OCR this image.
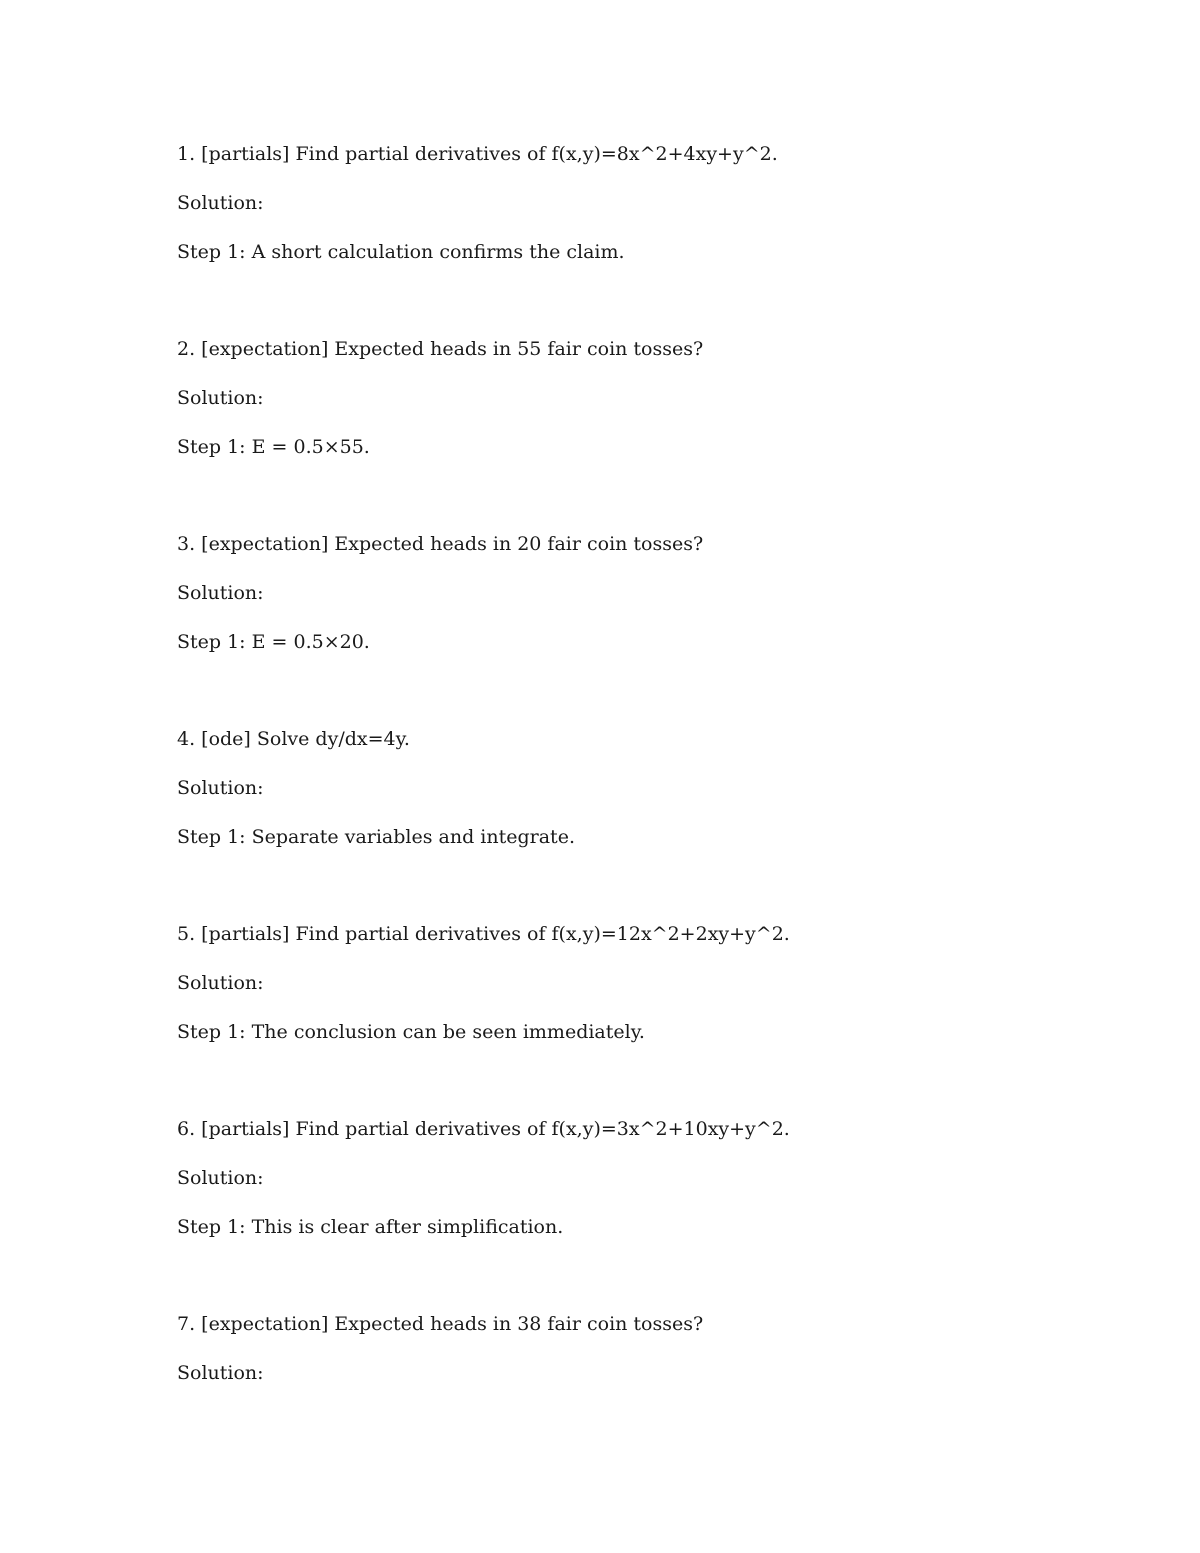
1. [partials] Find partial derivatives of f(x,y)=8x^2+4xy+y^2.

Solution:

Step 1: A short calculation confirms the claim.

2. [expectation] Expected heads in 55 fair coin tosses?

Solution:

Step 1: E = 0.5×55.

3. [expectation] Expected heads in 20 fair coin tosses?

Solution:

Step 1: E = 0.5×20.

4. [ode] Solve dy/dx=4y.

Solution:

Step 1: Separate variables and integrate.

5. [partials] Find partial derivatives of f(x,y)=12x^2+2xy+y^2.

Solution:

Step 1: The conclusion can be seen immediately.

6. [partials] Find partial derivatives of f(x,y)=3x^2+10xy+y^2.

Solution:

Step 1: This is clear after simplification.

7. [expectation] Expected heads in 38 fair coin tosses?

Solution:
